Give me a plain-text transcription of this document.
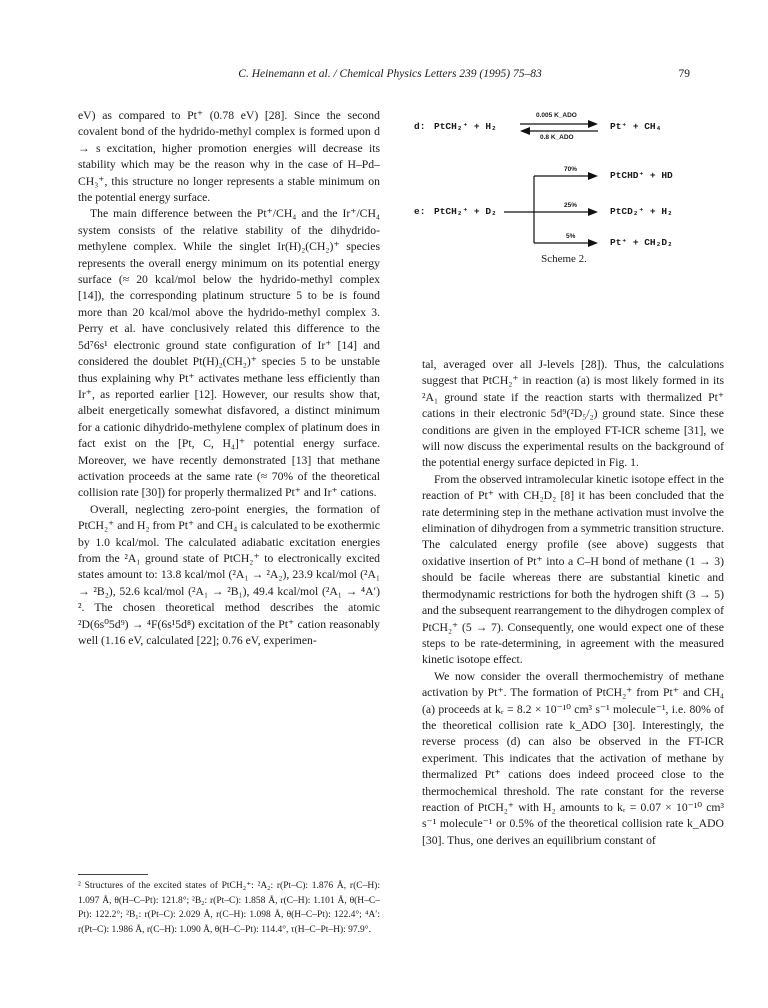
C. Heinemann et al. / Chemical Physics Letters 239 (1995) 75–83	79

eV) as compared to Pt⁺ (0.78 eV) [28]. Since the second covalent bond of the hydrido-methyl complex is formed upon d → s excitation, higher promotion energies will decrease its stability which may be the reason why in the case of H–Pd–CH₃⁺, this structure no longer represents a stable minimum on the potential energy surface.

The main difference between the Pt⁺/CH₄ and the Ir⁺/CH₄ system consists of the relative stability of the dihydrido-methylene complex. While the singlet Ir(H)₂(CH₂)⁺ species represents the overall energy minimum on its potential energy surface (≈ 20 kcal/mol below the hydrido-methyl complex [14]), the corresponding platinum structure 5 to be is found more than 20 kcal/mol above the hydrido-methyl complex 3. Perry et al. have conclusively related this difference to the 5d⁷6s¹ electronic ground state configuration of Ir⁺ [14] and considered the doublet Pt(H)₂(CH₂)⁺ species 5 to be unstable thus explaining why Pt⁺ activates methane less efficiently than Ir⁺, as reported earlier [12]. However, our results show that, albeit energetically somewhat disfavored, a distinct minimum for a cationic dihydrido-methylene complex of platinum does in fact exist on the [Pt, C, H₄]⁺ potential energy surface. Moreover, we have recently demonstrated [13] that methane activation proceeds at the same rate (≈ 70% of the theoretical collision rate [30]) for properly thermalized Pt⁺ and Ir⁺ cations.

Overall, neglecting zero-point energies, the formation of PtCH₂⁺ and H₂ from Pt⁺ and CH₄ is calculated to be exothermic by 1.0 kcal/mol. The calculated adiabatic excitation energies from the ²A₁ ground state of PtCH₂⁺ to electronically excited states amount to: 13.8 kcal/mol (²A₁ → ²A₂), 23.9 kcal/mol (²A₁ → ²B₂), 52.6 kcal/mol (²A₁ → ²B₁), 49.4 kcal/mol (²A₁ → ⁴A′) ². The chosen theoretical method describes the atomic ²D(6s⁰5d⁹) → ⁴F(6s¹5d⁸) excitation of the Pt⁺ cation reasonably well (1.16 eV, calculated [22]; 0.76 eV, experimen-

² Structures of the excited states of PtCH₂⁺: ²A₂: r(Pt–C): 1.876 Å, r(C–H): 1.097 Å, θ(H–C–Pt): 121.8°; ²B₂: r(Pt–C): 1.858 Å, r(C–H): 1.101 Å, θ(H–C–Pt): 122.2°; ²B₁: r(Pt–C): 2.029 Å, r(C–H): 1.098 Å, θ(H–C–Pt): 122.4°; ⁴A′: r(Pt–C): 1.986 Å, r(C–H): 1.090 Å, θ(H–C–Pt): 114.4°, τ(H–C–Pt–H): 97.9°.
d: PtCH₂⁺ + H₂
0.005 K_ADO
0.8 K_ADO
Pt⁺ + CH₄
70%
PtCHD⁺ + HD
e: PtCH₂⁺ + D₂
25%
PtCD₂⁺ + H₂
5%
Pt⁺ + CH₂D₂
Scheme 2.

tal, averaged over all J-levels [28]). Thus, the calculations suggest that PtCH₂⁺ in reaction (a) is most likely formed in its ²A₁ ground state if the reaction starts with thermalized Pt⁺ cations in their electronic 5d⁹(²D₅/₂) ground state. Since these conditions are given in the employed FT-ICR scheme [31], we will now discuss the experimental results on the background of the potential energy surface depicted in Fig. 1.

From the observed intramolecular kinetic isotope effect in the reaction of Pt⁺ with CH₂D₂ [8] it has been concluded that the rate determining step in the methane activation must involve the elimination of dihydrogen from a symmetric transition structure. The calculated energy profile (see above) suggests that oxidative insertion of Pt⁺ into a C–H bond of methane (1 → 3) should be facile whereas there are substantial kinetic and thermodynamic restrictions for both the hydrogen shift (3 → 5) and the subsequent rearrangement to the dihydrogen complex of PtCH₂⁺ (5 → 7). Consequently, one would expect one of these steps to be rate-determining, in agreement with the measured kinetic isotope effect.

We now consider the overall thermochemistry of methane activation by Pt⁺. The formation of PtCH₂⁺ from Pt⁺ and CH₄ (a) proceeds at kᵣ = 8.2 × 10⁻¹⁰ cm³ s⁻¹ molecule⁻¹, i.e. 80% of the theoretical collision rate k_ADO [30]. Interestingly, the reverse process (d) can also be observed in the FT-ICR experiment. This indicates that the activation of methane by thermalized Pt⁺ cations does indeed proceed close to the thermochemical threshold. The rate constant for the reverse reaction of PtCH₂⁺ with H₂ amounts to kᵣ = 0.07 × 10⁻¹⁰ cm³ s⁻¹ molecule⁻¹ or 0.5% of the theoretical collision rate k_ADO [30]. Thus, one derives an equilibrium constant of
